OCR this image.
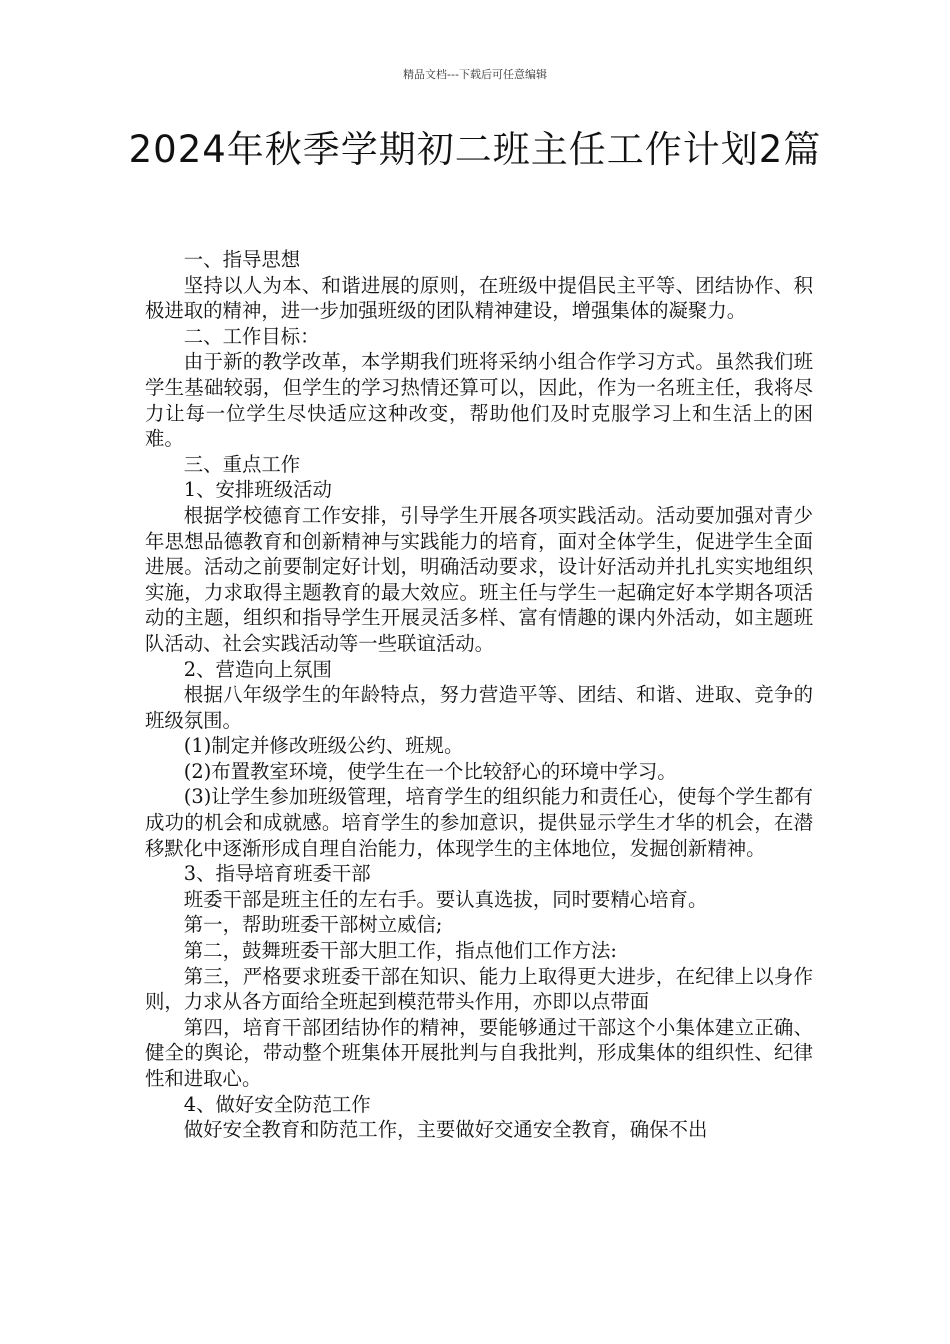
精品文档---下载后可任意编辑
2024年秋季学期初二班主任工作计划2篇

一、指导思想

坚持以人为本、和谐进展的原则，在班级中提倡民主平等、团结协作、积极进取的精神，进一步加强班级的团队精神建设，增强集体的凝聚力。

二、工作目标：

由于新的教学改革，本学期我们班将采纳小组合作学习方式。虽然我们班学生基础较弱，但学生的学习热情还算可以，因此，作为一名班主任，我将尽力让每一位学生尽快适应这种改变，帮助他们及时克服学习上和生活上的困难。

三、重点工作

1、安排班级活动

根据学校德育工作安排，引导学生开展各项实践活动。活动要加强对青少年思想品德教育和创新精神与实践能力的培育，面对全体学生，促进学生全面进展。活动之前要制定好计划，明确活动要求，设计好活动并扎扎实实地组织实施，力求取得主题教育的最大效应。班主任与学生一起确定好本学期各项活动的主题，组织和指导学生开展灵活多样、富有情趣的课内外活动，如主题班队活动、社会实践活动等一些联谊活动。

2、营造向上氛围

根据八年级学生的年龄特点，努力营造平等、团结、和谐、进取、竞争的班级氛围。

(1)制定并修改班级公约、班规。

(2)布置教室环境，使学生在一个比较舒心的环境中学习。

(3)让学生参加班级管理，培育学生的组织能力和责任心，使每个学生都有成功的机会和成就感。培育学生的参加意识，提供显示学生才华的机会，在潜移默化中逐渐形成自理自治能力，体现学生的主体地位，发掘创新精神。

3、指导培育班委干部

班委干部是班主任的左右手。要认真选拔，同时要精心培育。

第一，帮助班委干部树立威信;

第二，鼓舞班委干部大胆工作，指点他们工作方法:

第三，严格要求班委干部在知识、能力上取得更大进步，在纪律上以身作则，力求从各方面给全班起到模范带头作用，亦即以点带面

第四，培育干部团结协作的精神，要能够通过干部这个小集体建立正确、健全的舆论，带动整个班集体开展批判与自我批判，形成集体的组织性、纪律性和进取心。

4、做好安全防范工作

做好安全教育和防范工作，主要做好交通安全教育，确保不出
